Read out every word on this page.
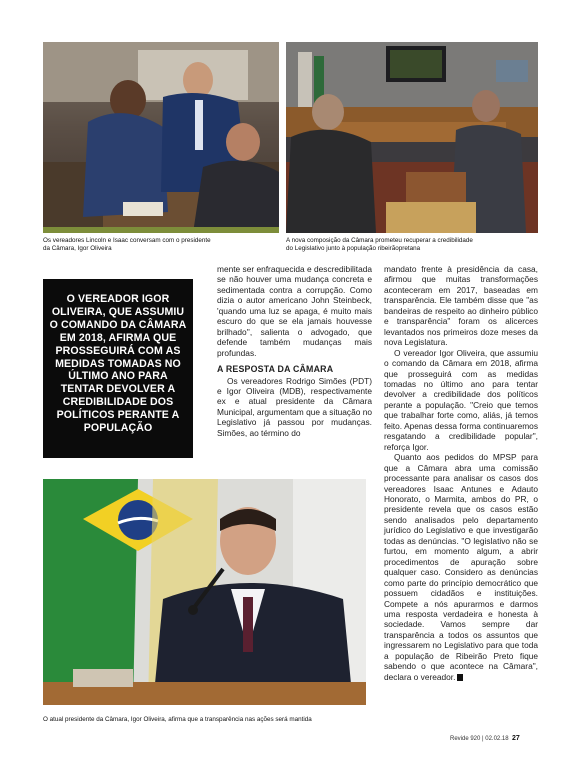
Os vereadores Lincoln e Isaac conversam com o presidente da Câmara, Igor Oliveira
A nova composição da Câmara prometeu recuperar a credibilidade do Legislativo junto à população ribeirãopretana
O VEREADOR IGOR OLIVEIRA, QUE ASSUMIU O COMANDO DA CÂMARA EM 2018, AFIRMA QUE PROSSEGUIRÁ COM AS MEDIDAS TOMADAS NO ÚLTIMO ANO PARA TENTAR DEVOLVER A CREDIBILIDADE DOS POLÍTICOS PERANTE A POPULAÇÃO

mente ser enfraquecida e descredibilitada se não houver uma mudança concreta e sedimentada contra a corrupção. Como dizia o autor americano John Steinbeck, 'quando uma luz se apaga, é muito mais escuro do que se ela jamais houvesse brilhado'', salienta o advogado, que defende também mudanças mais profundas.

A RESPOSTA DA CÂMARA

Os vereadores Rodrigo Simões (PDT) e Igor Oliveira (MDB), respectivamente ex e atual presidente da Câmara Municipal, argumentam que a situação no Legislativo já passou por mudanças. Simões, ao término do

mandato frente à presidência da casa, afirmou que muitas transformações aconteceram em 2017, baseadas em transparência. Ele também disse que "as bandeiras de respeito ao dinheiro público e transparência" foram os alicerces levantados nos primeiros doze meses da nova Legislatura.

O vereador Igor Oliveira, que assumiu o comando da Câmara em 2018, afirma que prosseguirá com as medidas tomadas no último ano para tentar devolver a credibilidade dos políticos perante a população. "Creio que temos que trabalhar forte como, aliás, já temos feito. Apenas dessa forma continuaremos resgatando a credibilidade popular", reforça Igor.

Quanto aos pedidos do MPSP para que a Câmara abra uma comissão processante para analisar os casos dos vereadores Isaac Antunes e Adauto Honorato, o Marmita, ambos do PR, o presidente revela que os casos estão sendo analisados pelo departamento jurídico do Legislativo e que investigarão todas as denúncias. "O legislativo não se furtou, em momento algum, a abrir procedimentos de apuração sobre qualquer caso. Considero as denúncias como parte do princípio democrático que possuem cidadãos e instituições. Compete a nós apurarmos e darmos uma resposta verdadeira e honesta à sociedade. Vamos sempre dar transparência a todos os assuntos que ingressarem no Legislativo para que toda a população de Ribeirão Preto fique sabendo o que acontece na Câmara", declara o vereador.

O atual presidente da Câmara, Igor Oliveira, afirma que a transparência nas ações será mantida
Revide 920 | 02.02.18 27
